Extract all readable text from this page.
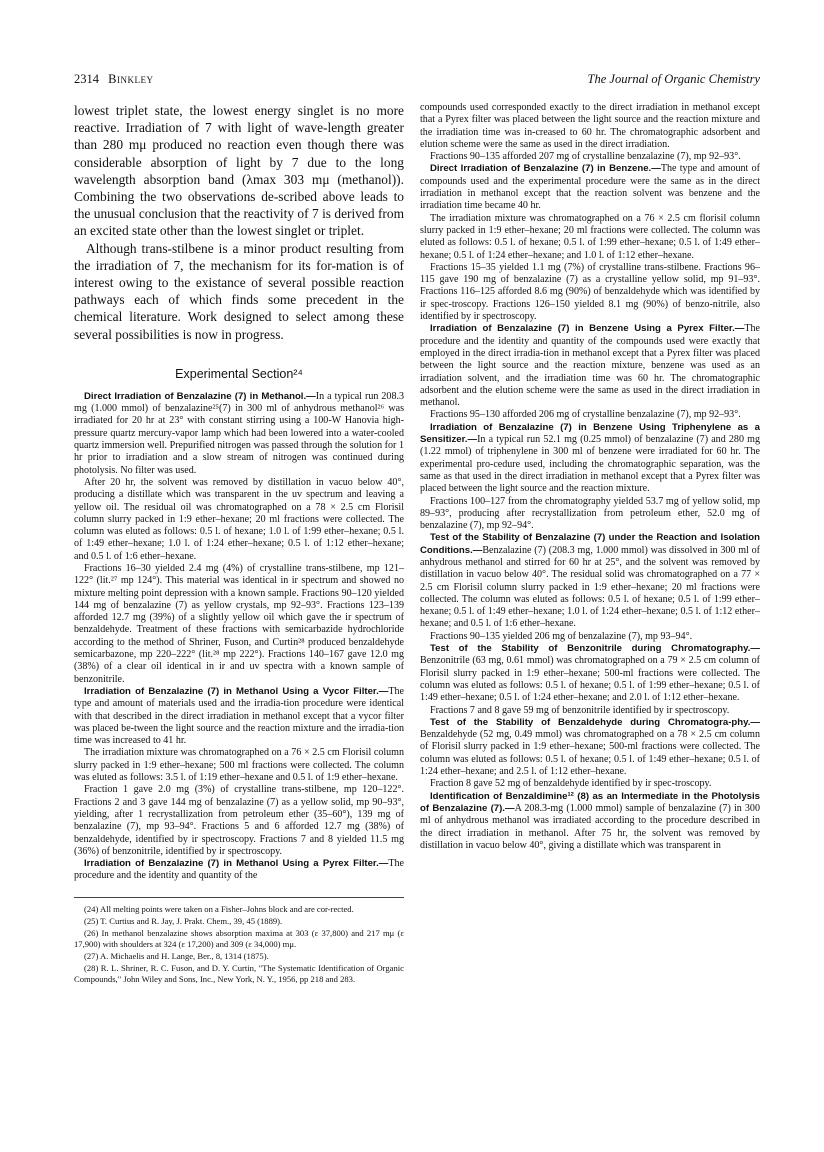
2314 Binkley	The Journal of Organic Chemistry

lowest triplet state, the lowest energy singlet is no more reactive. Irradiation of 7 with light of wave-length greater than 280 mμ produced no reaction even though there was considerable absorption of light by 7 due to the long wavelength absorption band (λmax 303 mμ (methanol)). Combining the two observations de-scribed above leads to the unusual conclusion that the reactivity of 7 is derived from an excited state other than the lowest singlet or triplet.

Although trans-stilbene is a minor product resulting from the irradiation of 7, the mechanism for its for-mation is of interest owing to the existance of several possible reaction pathways each of which finds some precedent in the chemical literature. Work designed to select among these several possibilities is now in progress.

Experimental Section²⁴

Direct Irradiation of Benzalazine (7) in Methanol.—In a typical run 208.3 mg (1.000 mmol) of benzalazine²⁵(7) in 300 ml of anhydrous methanol²⁶ was irradiated for 20 hr at 23° with constant stirring using a 100-W Hanovia high-pressure quartz mercury-vapor lamp which had been lowered into a water-cooled quartz immersion well. Prepurified nitrogen was passed through the solution for 1 hr prior to irradiation and a slow stream of nitrogen was continued during photolysis. No filter was used.

After 20 hr, the solvent was removed by distillation in vacuo below 40°, producing a distillate which was transparent in the uv spectrum and leaving a yellow oil. The residual oil was chromatographed on a 78 × 2.5 cm Florisil column slurry packed in 1:9 ether–hexane; 20 ml fractions were collected. The column was eluted as follows: 0.5 l. of hexane; 1.0 l. of 1:99 ether–hexane; 0.5 l. of 1:49 ether–hexane; 1.0 l. of 1:24 ether–hexane; 0.5 l. of 1:12 ether–hexane; and 0.5 l. of 1:6 ether–hexane.

Fractions 16–30 yielded 2.4 mg (4%) of crystalline trans-stilbene, mp 121–122° (lit.²⁷ mp 124°). This material was identical in ir spectrum and showed no mixture melting point depression with a known sample. Fractions 90–120 yielded 144 mg of benzalazine (7) as yellow crystals, mp 92–93°. Fractions 123–139 afforded 12.7 mg (39%) of a slightly yellow oil which gave the ir spectrum of benzaldehyde. Treatment of these fractions with semicarbazide hydrochloride according to the method of Shriner, Fuson, and Curtin²⁸ produced benzaldehyde semicarbazone, mp 220–222° (lit.²⁸ mp 222°). Fractions 140–167 gave 12.0 mg (38%) of a clear oil identical in ir and uv spectra with a known sample of benzonitrile.

Irradiation of Benzalazine (7) in Methanol Using a Vycor Filter.—The type and amount of materials used and the irradia-tion procedure were identical with that described in the direct irradiation in methanol except that a vycor filter was placed be-tween the light source and the reaction mixture and the irradia-tion time was increased to 41 hr.

The irradiation mixture was chromatographed on a 76 × 2.5 cm Florisil column slurry packed in 1:9 ether–hexane; 500 ml fractions were collected. The column was eluted as follows: 3.5 l. of 1:19 ether–hexane and 0.5 l. of 1:9 ether–hexane.

Fraction 1 gave 2.0 mg (3%) of crystalline trans-stilbene, mp 120–122°. Fractions 2 and 3 gave 144 mg of benzalazine (7) as a yellow solid, mp 90–93°, yielding, after 1 recrystallization from petroleum ether (35–60°), 139 mg of benzalazine (7), mp 93–94°. Fractions 5 and 6 afforded 12.7 mg (38%) of benzaldehyde, identified by ir spectroscopy. Fractions 7 and 8 yielded 11.5 mg (36%) of benzonitrile, identified by ir spectroscopy.

Irradiation of Benzalazine (7) in Methanol Using a Pyrex Filter.—The procedure and the identity and quantity of the

(24) All melting points were taken on a Fisher–Johns block and are cor-rected.

(25) T. Curtius and R. Jay, J. Prakt. Chem., 39, 45 (1889).

(26) In methanol benzalazine shows absorption maxima at 303 (ε 37,800) and 217 mμ (ε 17,900) with shoulders at 324 (ε 17,200) and 309 (ε 34,000) mμ.

(27) A. Michaelis and H. Lange, Ber., 8, 1314 (1875).

(28) R. L. Shriner, R. C. Fuson, and D. Y. Curtin, "The Systematic Identification of Organic Compounds," John Wiley and Sons, Inc., New York, N. Y., 1956, pp 218 and 283.

compounds used corresponded exactly to the direct irradiation in methanol except that a Pyrex filter was placed between the light source and the reaction mixture and the irradiation time was in-creased to 60 hr. The chromatographic adsorbent and elution scheme were the same as used in the direct irradiation.

Fractions 90–135 afforded 207 mg of crystalline benzalazine (7), mp 92–93°.

Direct Irradiation of Benzalazine (7) in Benzene.—The type and amount of compounds used and the experimental procedure were the same as in the direct irradiation in methanol except that the reaction solvent was benzene and the irradiation time became 40 hr.

The irradiation mixture was chromatographed on a 76 × 2.5 cm florisil column slurry packed in 1:9 ether–hexane; 20 ml fractions were collected. The column was eluted as follows: 0.5 l. of hexane; 0.5 l. of 1:99 ether–hexane; 0.5 l. of 1:49 ether–hexane; 0.5 l. of 1:24 ether–hexane; and 1.0 l. of 1:12 ether–hexane.

Fractions 15–35 yielded 1.1 mg (7%) of crystalline trans-stilbene. Fractions 96–115 gave 190 mg of benzalazine (7) as a crystalline yellow solid, mp 91–93°. Fractions 116–125 afforded 8.6 mg (90%) of benzaldehyde which was identified by ir spec-troscopy. Fractions 126–150 yielded 8.1 mg (90%) of benzo-nitrile, also identified by ir spectroscopy.

Irradiation of Benzalazine (7) in Benzene Using a Pyrex Filter.—The procedure and the identity and quantity of the compounds used were exactly that employed in the direct irradia-tion in methanol except that a Pyrex filter was placed between the light source and the reaction mixture, benzene was used as an irradiation solvent, and the irradiation time was 60 hr. The chromatographic adsorbent and the elution scheme were the same as used in the direct irradiation in methanol.

Fractions 95–130 afforded 206 mg of crystalline benzalazine (7), mp 92–93°.

Irradiation of Benzalazine (7) in Benzene Using Triphenylene as a Sensitizer.—In a typical run 52.1 mg (0.25 mmol) of benzalazine (7) and 280 mg (1.22 mmol) of triphenylene in 300 ml of benzene were irradiated for 60 hr. The experimental pro-cedure used, including the chromatographic separation, was the same as that used in the direct irradiation in methanol except that a Pyrex filter was placed between the light source and the reaction mixture.

Fractions 100–127 from the chromatography yielded 53.7 mg of yellow solid, mp 89–93°, producing after recrystallization from petroleum ether, 52.0 mg of benzalazine (7), mp 92–94°.

Test of the Stability of Benzalazine (7) under the Reaction and Isolation Conditions.—Benzalazine (7) (208.3 mg, 1.000 mmol) was dissolved in 300 ml of anhydrous methanol and stirred for 60 hr at 25°, and the solvent was removed by distillation in vacuo below 40°. The residual solid was chromatographed on a 77 × 2.5 cm Florisil column slurry packed in 1:9 ether–hexane; 20 ml fractions were collected. The column was eluted as follows: 0.5 l. of hexane; 0.5 l. of 1:99 ether–hexane; 0.5 l. of 1:49 ether–hexane; 1.0 l. of 1:24 ether–hexane; 0.5 l. of 1:12 ether–hexane; and 0.5 l. of 1:6 ether–hexane.

Fractions 90–135 yielded 206 mg of benzalazine (7), mp 93–94°.

Test of the Stability of Benzonitrile during Chromatography.—Benzonitrile (63 mg, 0.61 mmol) was chromatographed on a 79 × 2.5 cm column of Florisil slurry packed in 1:9 ether–hexane; 500-ml fractions were collected. The column was eluted as follows: 0.5 l. of hexane; 0.5 l. of 1:99 ether–hexane; 0.5 l. of 1:49 ether–hexane; 0.5 l. of 1:24 ether–hexane; and 2.0 l. of 1:12 ether–hexane.

Fractions 7 and 8 gave 59 mg of benzonitrile identified by ir spectroscopy.

Test of the Stability of Benzaldehyde during Chromatogra-phy.—Benzaldehyde (52 mg, 0.49 mmol) was chromatographed on a 78 × 2.5 cm column of Florisil slurry packed in 1:9 ether–hexane; 500-ml fractions were collected. The column was eluted as follows: 0.5 l. of hexane; 0.5 l. of 1:49 ether–hexane; 0.5 l. of 1:24 ether–hexane; and 2.5 l. of 1:12 ether–hexane.

Fraction 8 gave 52 mg of benzaldehyde identified by ir spec-troscopy.

Identification of Benzaldimine¹² (8) as an Intermediate in the Photolysis of Benzalazine (7).—A 208.3-mg (1.000 mmol) sample of benzalazine (7) in 300 ml of anhydrous methanol was irradiated according to the procedure described in the direct irradiation in methanol. After 75 hr, the solvent was removed by distillation in vacuo below 40°, giving a distillate which was transparent in
